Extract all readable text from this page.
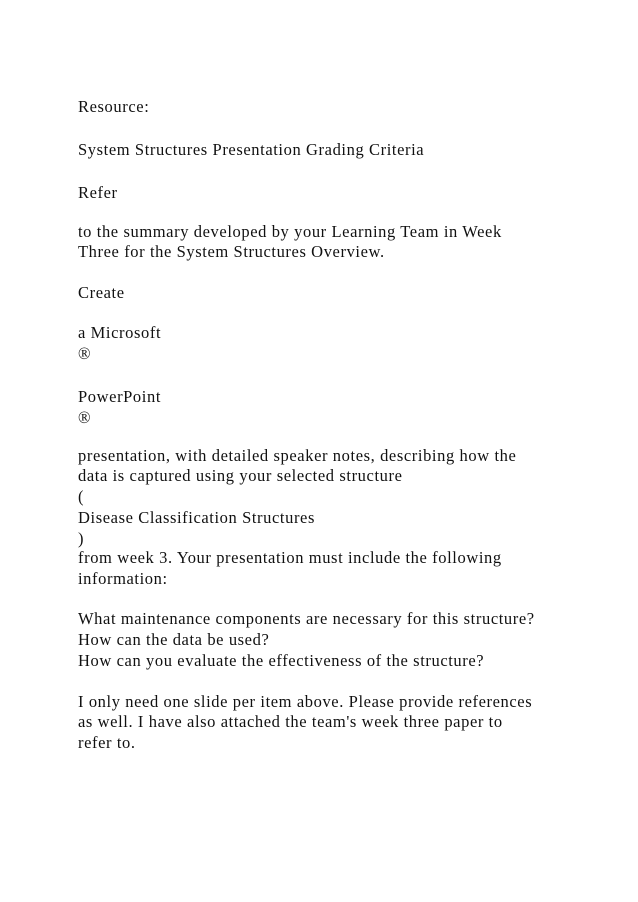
Resource:

System Structures Presentation Grading Criteria

Refer

to the summary developed by your Learning Team in Week

Three for the System Structures Overview.

Create

a Microsoft

®

PowerPoint

®

presentation, with detailed speaker notes, describing how the

data is captured using your selected structure

(

Disease Classification Structures

)

from week 3. Your presentation must include the following

information:

What maintenance components are necessary for this structure?

How can the data be used?

How can you evaluate the effectiveness of the structure?

I only need one slide per item above. Please provide references

as well. I have also attached the team's week three paper to

refer to.
